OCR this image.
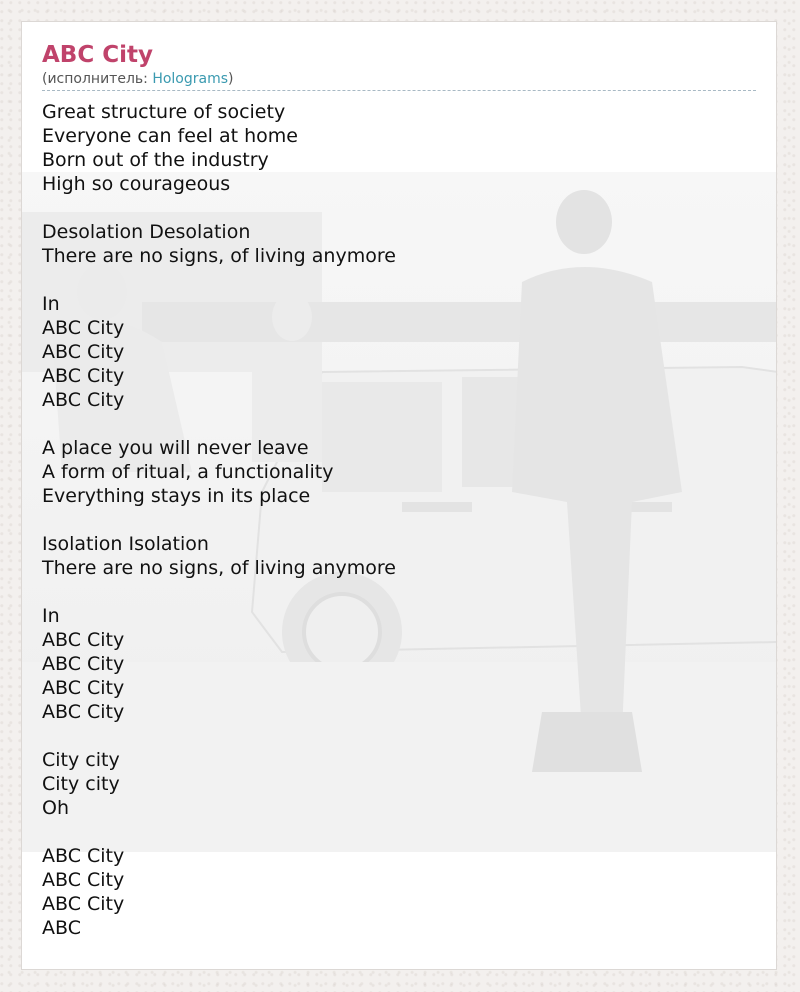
ABC City
(исполнитель: Holograms)
Great structure of society
Everyone can feel at home
Born out of the industry
High so courageous
Desolation Desolation
There are no signs, of living anymore
In
ABC City
ABC City
ABC City
ABC City
A place you will never leave
A form of ritual, a functionality
Everything stays in its place
Isolation Isolation
There are no signs, of living anymore
In
ABC City
ABC City
ABC City
ABC City
City city
City city
Oh
ABC City
ABC City
ABC City
ABC
